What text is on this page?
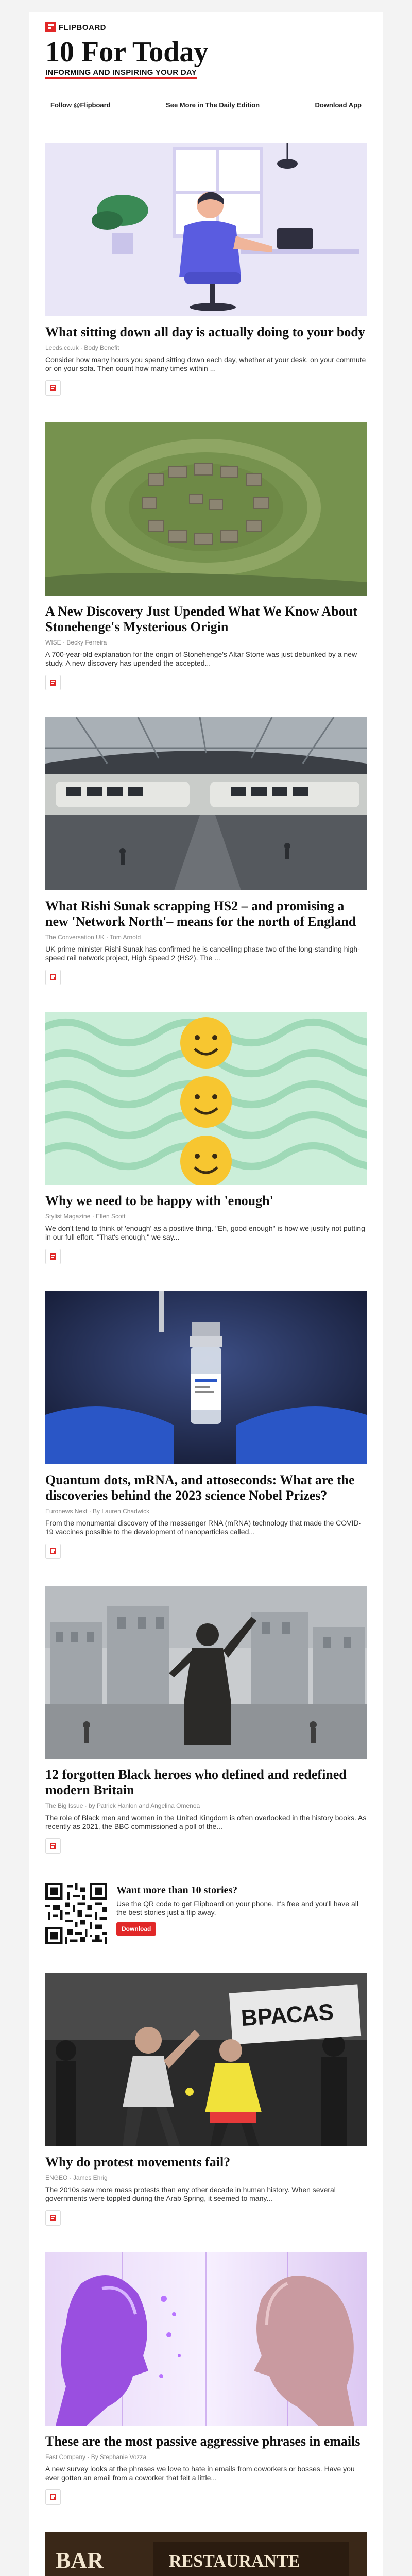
FLIPBOARD
10 For Today
INFORMING AND INSPIRING YOUR DAY
Follow @Flipboard	See More in The Daily Edition	Download App
What sitting down all day is actually doing to your body
Leeds.co.uk · Body Benefit
Consider how many hours you spend sitting down each day, whether at your desk, on your commute or on your sofa. Then count how many times within ...
A New Discovery Just Upended What We Know About Stonehenge's Mysterious Origin
WISE · Becky Ferreira
A 700-year-old explanation for the origin of Stonehenge's Altar Stone was just debunked by a new study. A new discovery has upended the accepted...
What Rishi Sunak scrapping HS2 – and promising a new 'Network North'– means for the north of England
The Conversation UK · Tom Arnold
UK prime minister Rishi Sunak has confirmed he is cancelling phase two of the long-standing high-speed rail network project, High Speed 2 (HS2). The ...
Why we need to be happy with 'enough'
Stylist Magazine · Ellen Scott
We don't tend to think of 'enough' as a positive thing. "Eh, good enough" is how we justify not putting in our full effort. "That's enough," we say...
Quantum dots, mRNA, and attoseconds: What are the discoveries behind the 2023 science Nobel Prizes?
Euronews Next · By Lauren Chadwick
From the monumental discovery of the messenger RNA (mRNA) technology that made the COVID-19 vaccines possible to the development of nanoparticles called...
12 forgotten Black heroes who defined and redefined modern Britain
The Big Issue · by Patrick Hanlon and Angelina Omenoa
The role of Black men and women in the United Kingdom is often overlooked in the history books. As recently as 2021, the BBC commissioned a poll of the...
Want more than 10 stories?

Use the QR code to get Flipboard on your phone. It's free and you'll have all the best stories just a flip away.

Download
ВРАСАS
Why do protest movements fail?
ENGEO · James Ehrig
The 2010s saw more mass protests than any other decade in human history. When several governments were toppled during the Arab Spring, it seemed to many...
These are the most passive aggressive phrases in emails
Fast Company · By Stephanie Vozza
A new survey looks at the phrases we love to hate in emails from coworkers or bosses. Have you ever gotten an email from a coworker that felt a little...
BAR	RESTAURANTE
